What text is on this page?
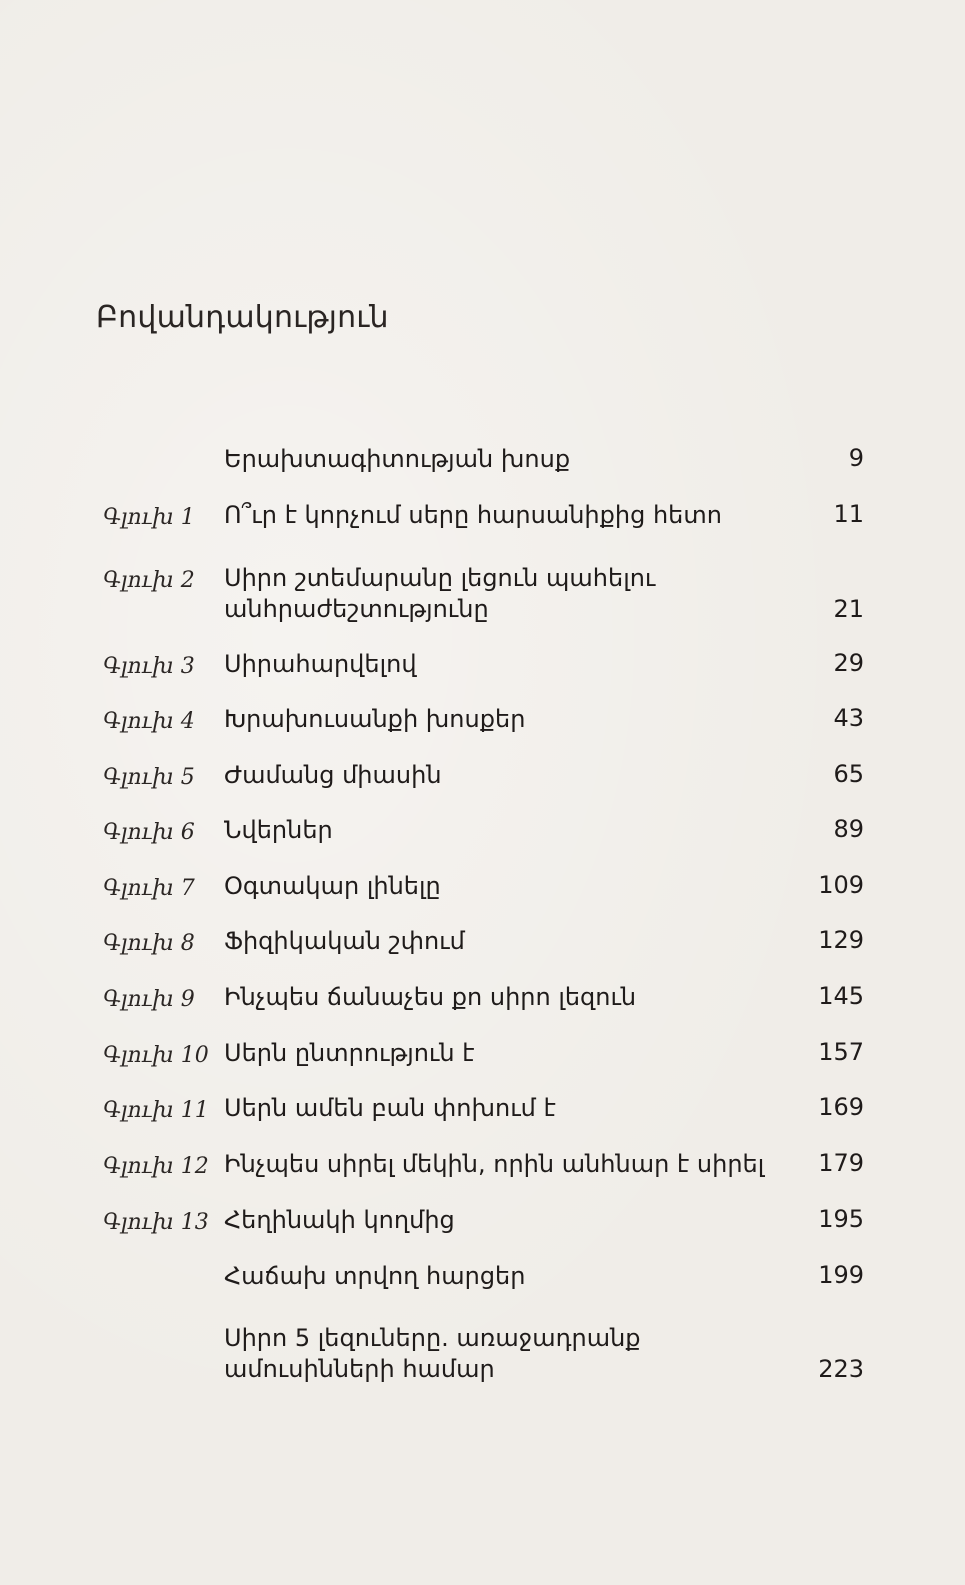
Բովանդակություն
Երախտագիտության խոսք	9
Գլուխ 1 Ո՞ւր է կորչում սերը հարսանիքից հետո	11
Գլուխ 2 Սիրո շտեմարանը լեցուն պահելու
անհրաժեշտությունը	21
Գլուխ 3 Սիրահարվելով	29
Գլուխ 4 Խրախուսանքի խոսքեր	43
Գլուխ 5 Ժամանց միասին	65
Գլուխ 6 Նվերներ	89
Գլուխ 7 Օգտակար լինելը	109
Գլուխ 8 Ֆիզիկական շփում	129
Գլուխ 9 Ինչպես ճանաչես քո սիրո լեզուն	145
Գլուխ 10 Սերն ընտրություն է	157
Գլուխ 11 Սերն ամեն բան փոխում է	169
Գլուխ 12 Ինչպես սիրել մեկին, որին անհնար է սիրել	179
Գլուխ 13 Հեղինակի կողմից	195
Հաճախ տրվող հարցեր	199
Սիրո 5 լեզուները. առաջադրանք
ամուսինների համար	223
